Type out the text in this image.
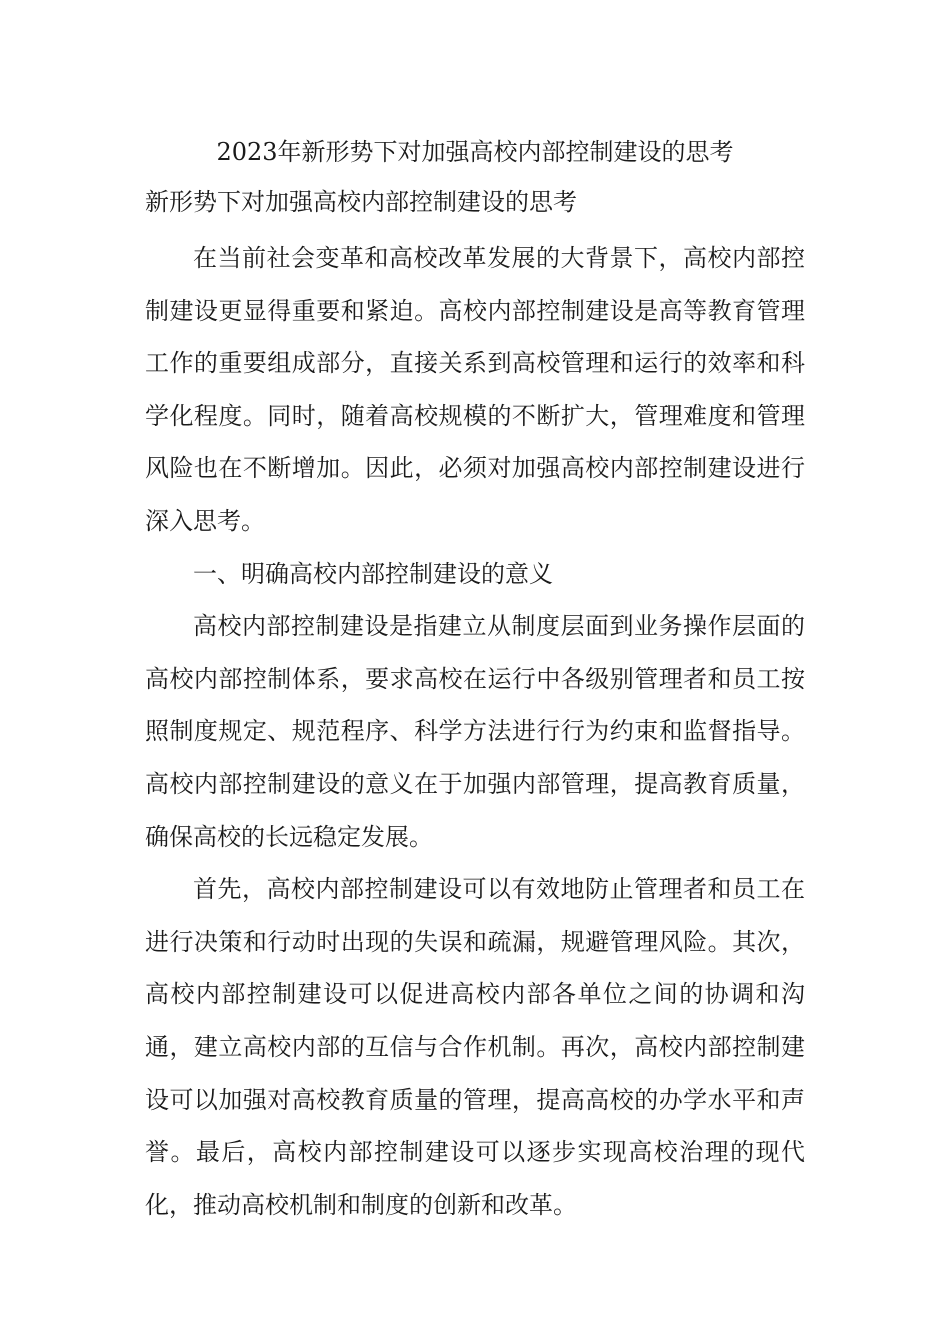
2023年新形势下对加强高校内部控制建设的思考
新形势下对加强高校内部控制建设的思考

在当前社会变革和高校改革发展的大背景下，高校内部控制建设更显得重要和紧迫。高校内部控制建设是高等教育管理工作的重要组成部分，直接关系到高校管理和运行的效率和科学化程度。同时，随着高校规模的不断扩大，管理难度和管理风险也在不断增加。因此，必须对加强高校内部控制建设进行深入思考。

一、明确高校内部控制建设的意义

高校内部控制建设是指建立从制度层面到业务操作层面的高校内部控制体系，要求高校在运行中各级别管理者和员工按照制度规定、规范程序、科学方法进行行为约束和监督指导。高校内部控制建设的意义在于加强内部管理，提高教育质量，确保高校的长远稳定发展。

首先，高校内部控制建设可以有效地防止管理者和员工在进行决策和行动时出现的失误和疏漏，规避管理风险。其次，高校内部控制建设可以促进高校内部各单位之间的协调和沟通，建立高校内部的互信与合作机制。再次，高校内部控制建设可以加强对高校教育质量的管理，提高高校的办学水平和声誉。最后，高校内部控制建设可以逐步实现高校治理的现代化，推动高校机制和制度的创新和改革。
